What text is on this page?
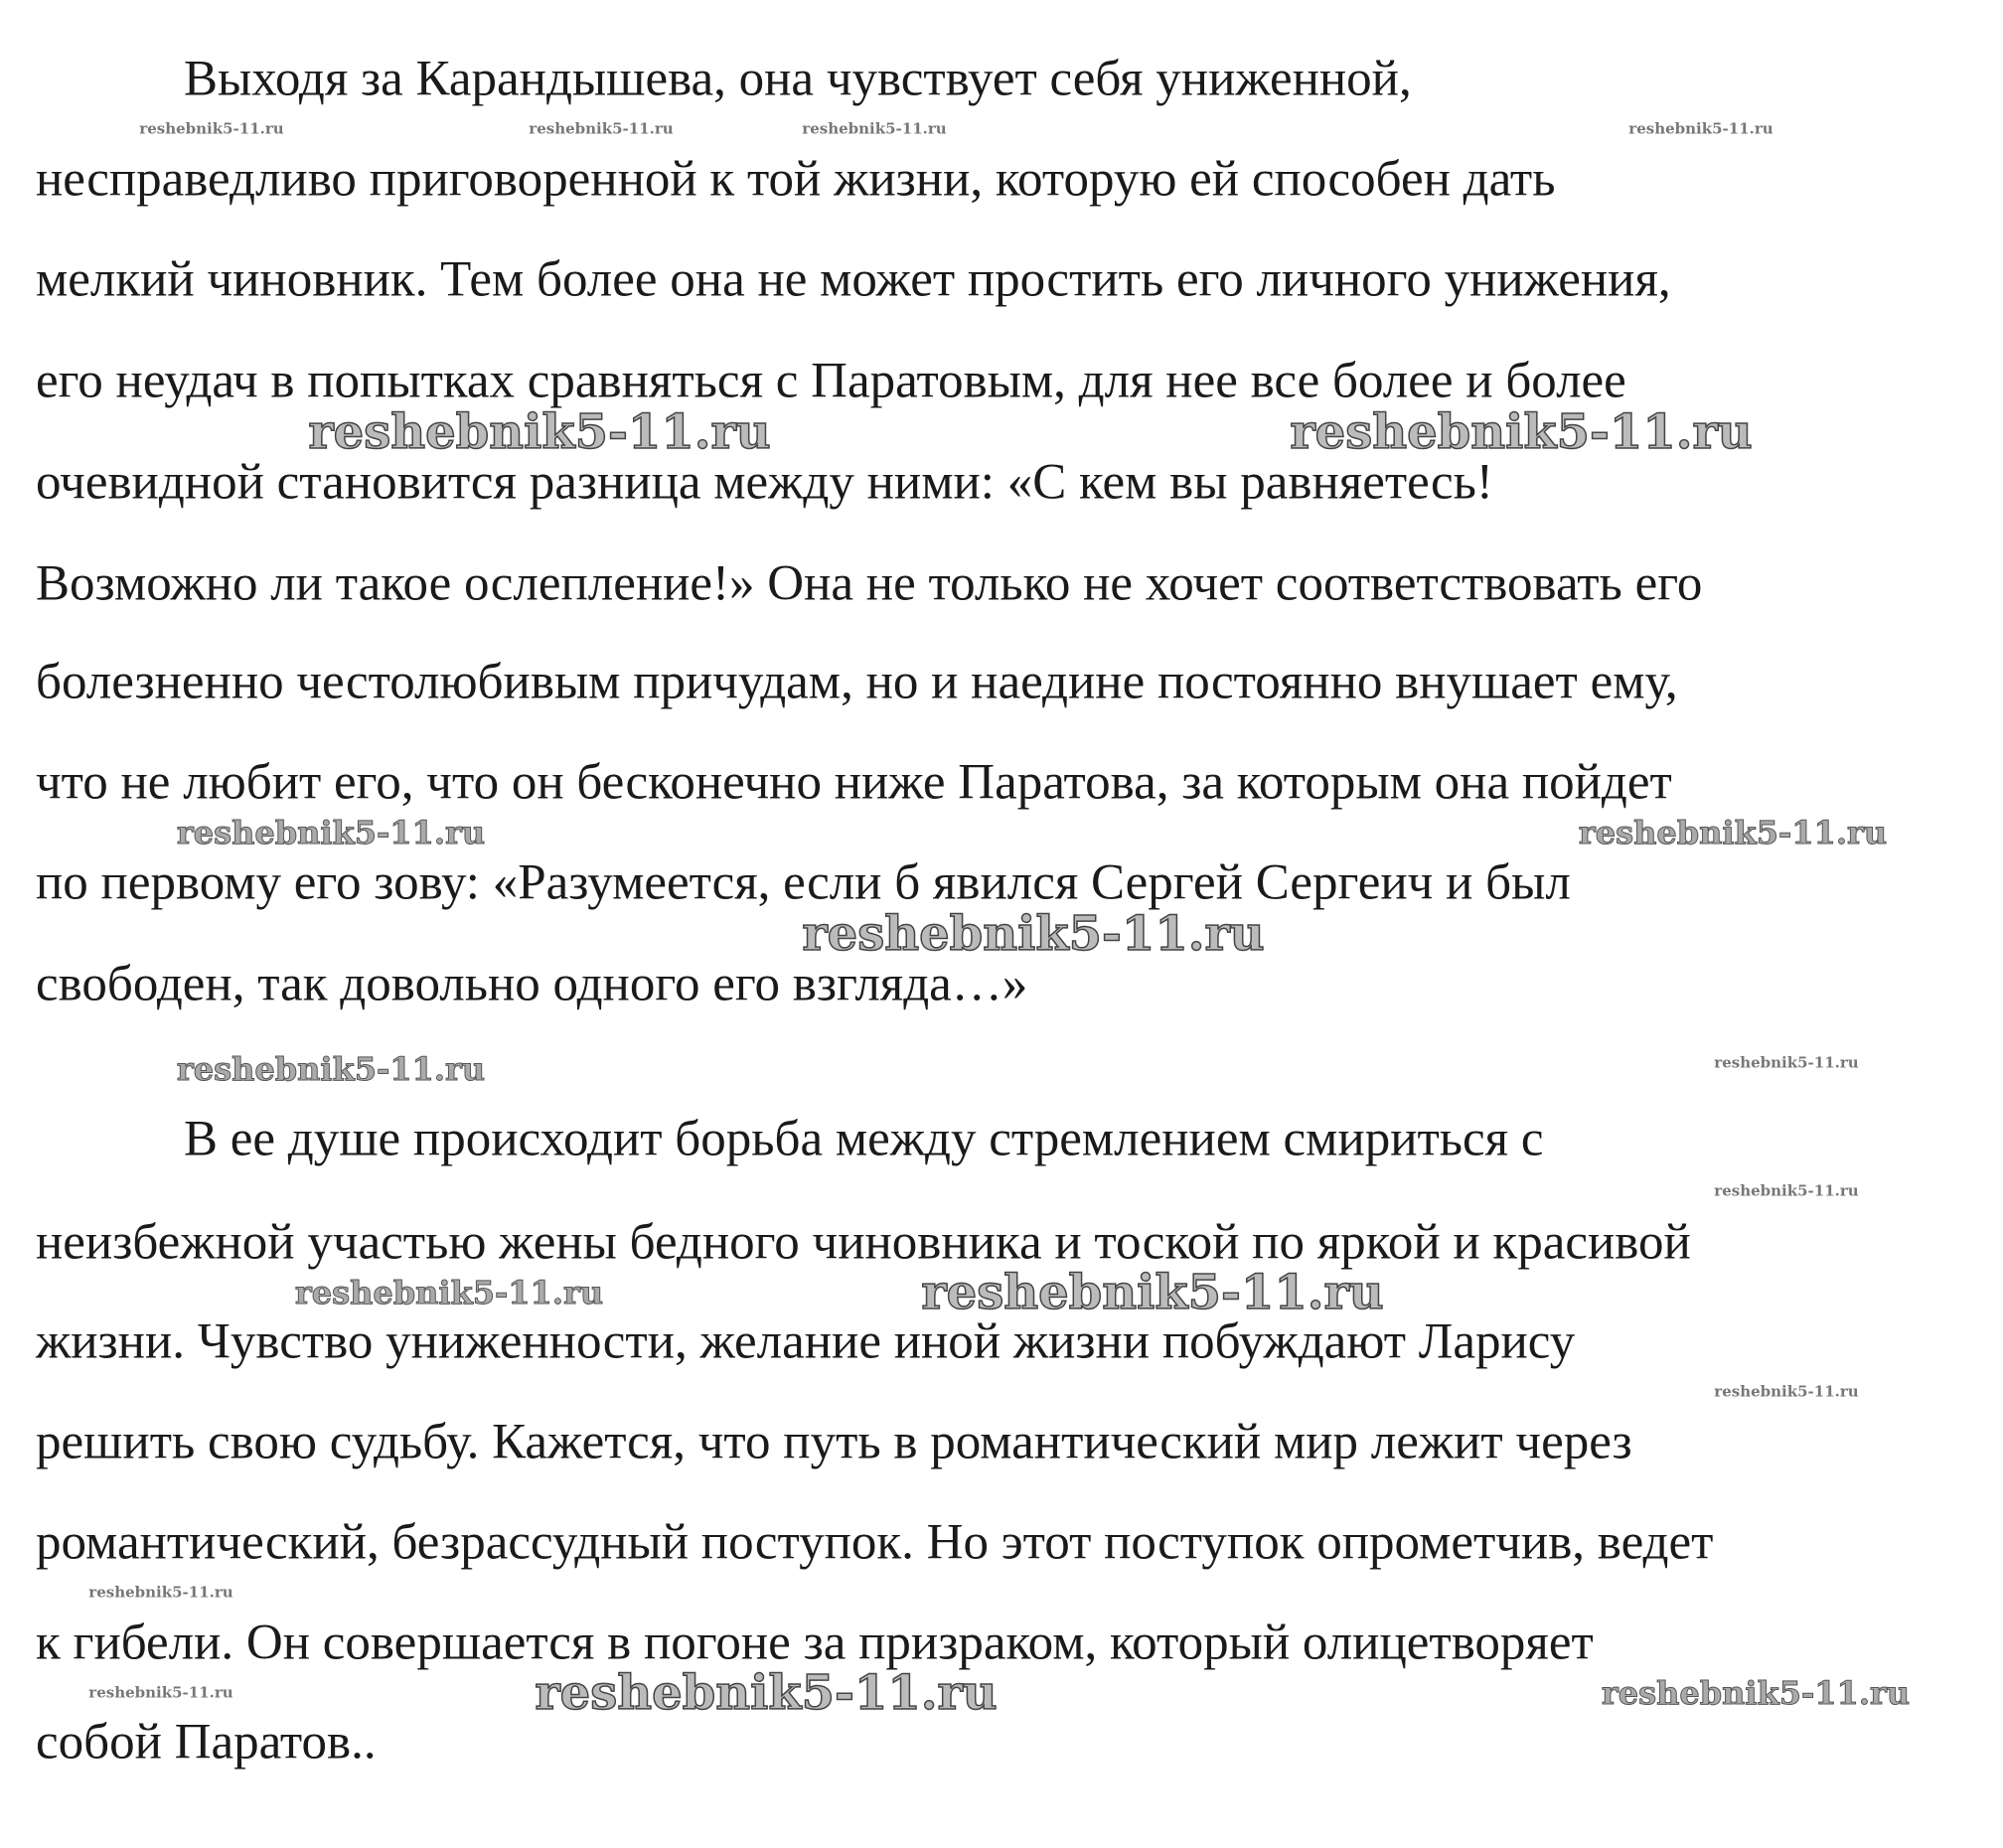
Выходя за Карандышева, она чувствует себя униженной,
несправедливо приговоренной к той жизни, которую ей способен дать
мелкий чиновник. Тем более она не может простить его личного унижения,
его неудач в попытках сравняться с Паратовым, для нее все более и более
очевидной становится разница между ними: «С кем вы равняетесь!
Возможно ли такое ослепление!» Она не только не хочет соответствовать его
болезненно честолюбивым причудам, но и наедине постоянно внушает ему,
что не любит его, что он бесконечно ниже Паратова, за которым она пойдет
по первому его зову: «Разумеется, если б явился Сергей Сергеич и был
свободен, так довольно одного его взгляда…»
В ее душе происходит борьба между стремлением смириться с
неизбежной участью жены бедного чиновника и тоской по яркой и красивой
жизни. Чувство униженности, желание иной жизни побуждают Ларису
решить свою судьбу. Кажется, что путь в романтический мир лежит через
романтический, безрассудный поступок. Но этот поступок опрометчив, ведет
к гибели. Он совершается в погоне за призраком, который олицетворяет
собой Паратов..
reshebnik5-11.ru	reshebnik5-11.ru	reshebnik5-11.ru	reshebnik5-11.ru
reshebnik5-11.ru	reshebnik5-11.ru
reshebnik5-11.ru	reshebnik5-11.ru
reshebnik5-11.ru
reshebnik5-11.ru	reshebnik5-11.ru
reshebnik5-11.ru
reshebnik5-11.ru
reshebnik5-11.ru
reshebnik5-11.ru
reshebnik5-11.ru
reshebnik5-11.ru	reshebnik5-11.ru	reshebnik5-11.ru
